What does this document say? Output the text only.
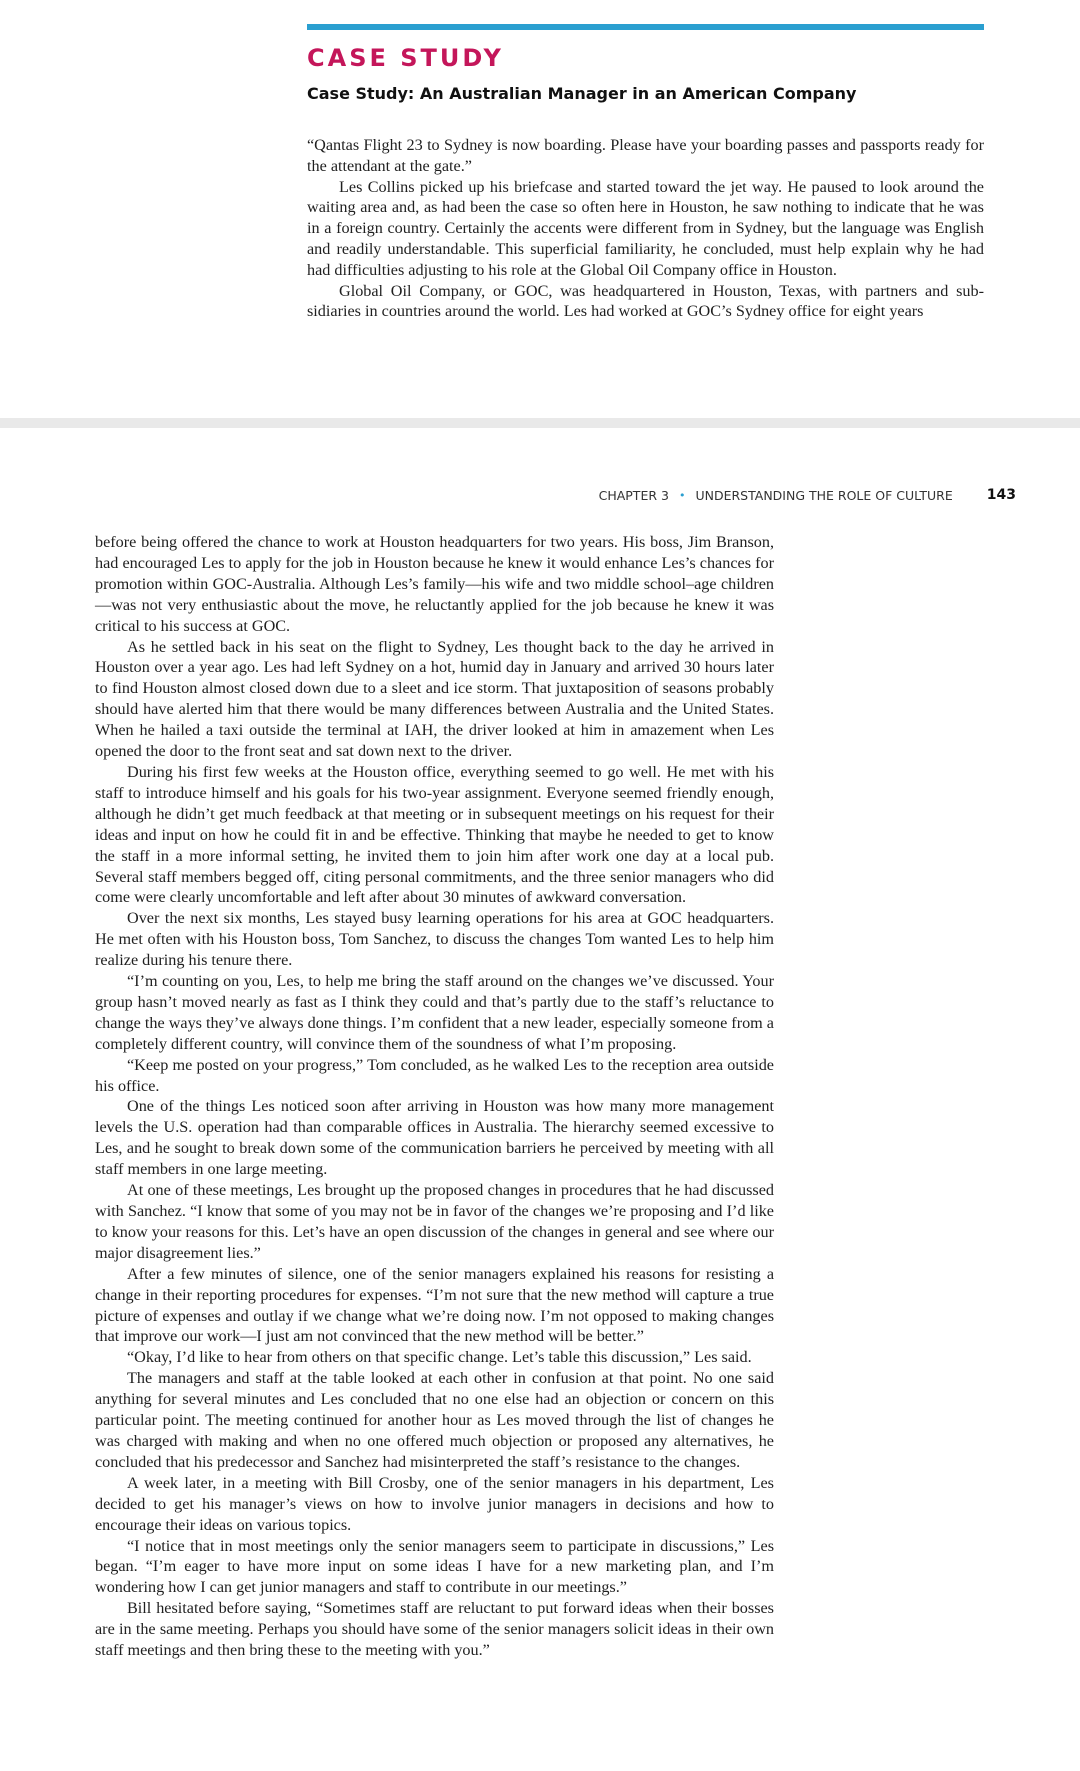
CASE STUDY
Case Study: An Australian Manager in an American Company

“Qantas Flight 23 to Sydney is now boarding. Please have your boarding passes and passports ready for the attendant at the gate.”

Les Collins picked up his briefcase and started toward the jet way. He paused to look around the waiting area and, as had been the case so often here in Houston, he saw nothing to indicate that he was in a foreign country. Certainly the accents were different from in Sydney, but the language was English and readily understandable. This superficial familiarity, he concluded, must help explain why he had had difficulties adjusting to his role at the Global Oil Company office in Houston.

Global Oil Company, or GOC, was headquartered in Houston, Texas, with partners and subsidiaries in countries around the world. Les had worked at GOC’s Sydney office for eight years

CHAPTER 3 • UNDERSTANDING THE ROLE OF CULTURE 143

before being offered the chance to work at Houston headquarters for two years. His boss, Jim Branson, had encouraged Les to apply for the job in Houston because he knew it would enhance Les’s chances for promotion within GOC-Australia. Although Les’s family—his wife and two middle school–age children—was not very enthusiastic about the move, he reluctantly applied for the job because he knew it was critical to his success at GOC.

As he settled back in his seat on the flight to Sydney, Les thought back to the day he arrived in Houston over a year ago. Les had left Sydney on a hot, humid day in January and arrived 30 hours later to find Houston almost closed down due to a sleet and ice storm. That juxtaposition of seasons probably should have alerted him that there would be many differences between Australia and the United States. When he hailed a taxi outside the terminal at IAH, the driver looked at him in amazement when Les opened the door to the front seat and sat down next to the driver.

During his first few weeks at the Houston office, everything seemed to go well. He met with his staff to introduce himself and his goals for his two-year assignment. Everyone seemed friendly enough, although he didn’t get much feedback at that meeting or in subsequent meetings on his request for their ideas and input on how he could fit in and be effective. Thinking that maybe he needed to get to know the staff in a more informal setting, he invited them to join him after work one day at a local pub. Several staff members begged off, citing personal commitments, and the three senior managers who did come were clearly uncomfortable and left after about 30 minutes of awkward conversation.

Over the next six months, Les stayed busy learning operations for his area at GOC headquarters. He met often with his Houston boss, Tom Sanchez, to discuss the changes Tom wanted Les to help him realize during his tenure there.

“I’m counting on you, Les, to help me bring the staff around on the changes we’ve discussed. Your group hasn’t moved nearly as fast as I think they could and that’s partly due to the staff’s reluctance to change the ways they’ve always done things. I’m confident that a new leader, especially someone from a completely different country, will convince them of the soundness of what I’m proposing.

“Keep me posted on your progress,” Tom concluded, as he walked Les to the reception area outside his office.

One of the things Les noticed soon after arriving in Houston was how many more management levels the U.S. operation had than comparable offices in Australia. The hierarchy seemed excessive to Les, and he sought to break down some of the communication barriers he perceived by meeting with all staff members in one large meeting.

At one of these meetings, Les brought up the proposed changes in procedures that he had discussed with Sanchez. “I know that some of you may not be in favor of the changes we’re proposing and I’d like to know your reasons for this. Let’s have an open discussion of the changes in general and see where our major disagreement lies.”

After a few minutes of silence, one of the senior managers explained his reasons for resisting a change in their reporting procedures for expenses. “I’m not sure that the new method will capture a true picture of expenses and outlay if we change what we’re doing now. I’m not opposed to making changes that improve our work—I just am not convinced that the new method will be better.”

“Okay, I’d like to hear from others on that specific change. Let’s table this discussion,” Les said.

The managers and staff at the table looked at each other in confusion at that point. No one said anything for several minutes and Les concluded that no one else had an objection or concern on this particular point. The meeting continued for another hour as Les moved through the list of changes he was charged with making and when no one offered much objection or proposed any alternatives, he concluded that his predecessor and Sanchez had misinterpreted the staff’s resistance to the changes.

A week later, in a meeting with Bill Crosby, one of the senior managers in his department, Les decided to get his manager’s views on how to involve junior managers in decisions and how to encourage their ideas on various topics.

“I notice that in most meetings only the senior managers seem to participate in discussions,” Les began. “I’m eager to have more input on some ideas I have for a new marketing plan, and I’m wondering how I can get junior managers and staff to contribute in our meetings.”

Bill hesitated before saying, “Sometimes staff are reluctant to put forward ideas when their bosses are in the same meeting. Perhaps you should have some of the senior managers solicit ideas in their own staff meetings and then bring these to the meeting with you.”
